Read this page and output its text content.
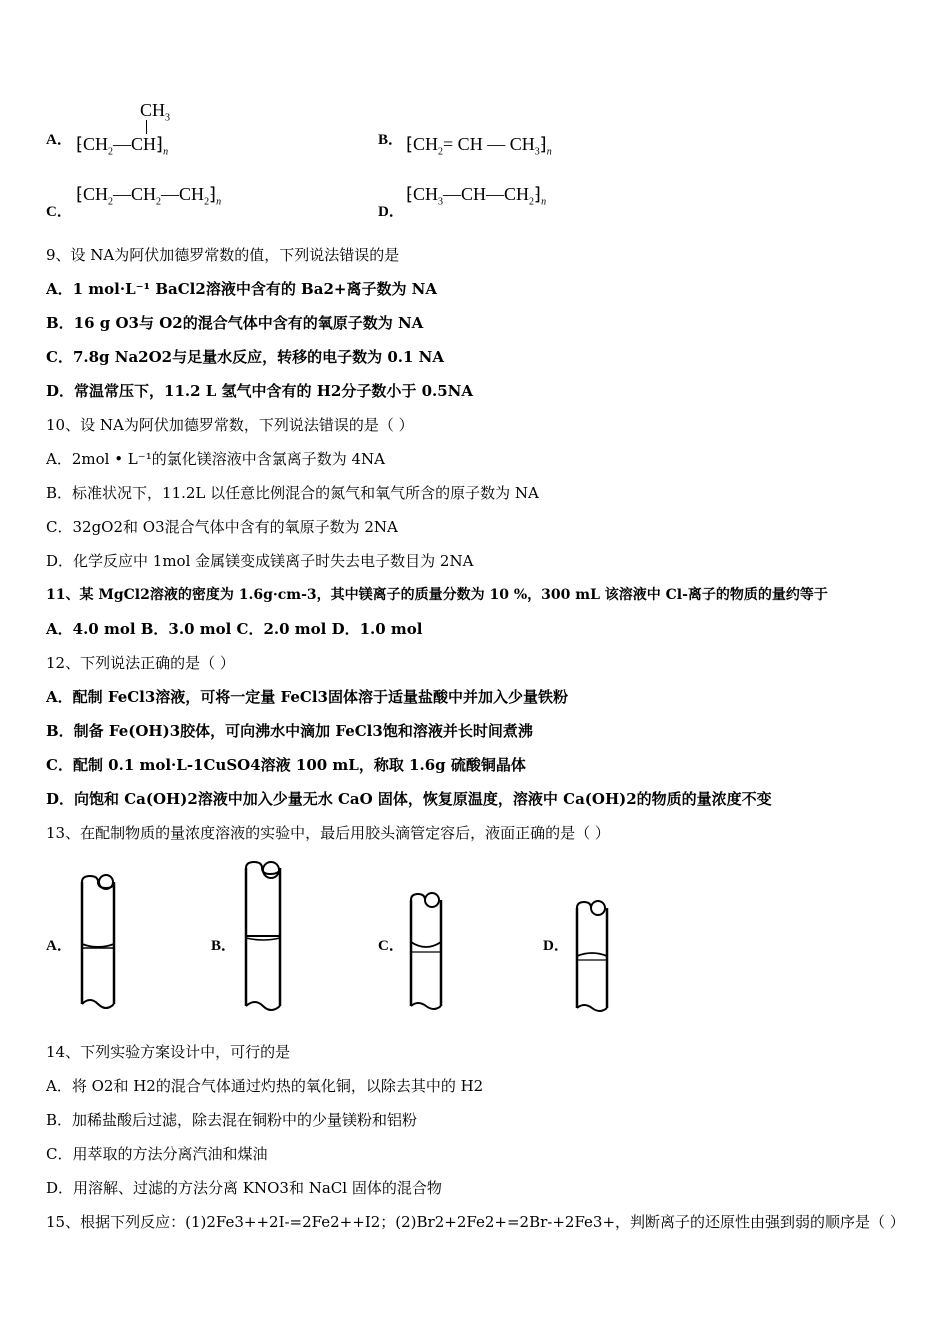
A．
$CH_3$
$⁅CH_2—CH⁆_n$
B． $⁅CH_2=$ CH — $CH_3⁆_n$
C．
$⁅CH_2—CH_2—CH_2⁆_n$
D．
$⁅CH_3—CH—CH_2⁆_n$
9、设 NA为阿伏加德罗常数的值，下列说法错误的是
A．1 mol·L⁻¹ BaCl2溶液中含有的 Ba2+离子数为 NA
B．16 g O3与 O2的混合气体中含有的氧原子数为 NA
C．7.8g Na2O2与足量水反应，转移的电子数为 0.1 NA
D．常温常压下，11.2 L 氢气中含有的 H2分子数小于 0.5NA
10、设 NA为阿伏加德罗常数，下列说法错误的是（ ）
A．2mol • L⁻¹的氯化镁溶液中含氯离子数为 4NA
B．标准状况下，11.2L 以任意比例混合的氮气和氧气所含的原子数为 NA
C．32gO2和 O3混合气体中含有的氧原子数为 2NA
D．化学反应中 1mol 金属镁变成镁离子时失去电子数目为 2NA
11、某 MgCl2溶液的密度为 1.6g·cm-3，其中镁离子的质量分数为 10 %，300 mL 该溶液中 Cl-离子的物质的量约等于
A．4.0 mol B．3.0 mol C．2.0 mol D．1.0 mol
12、下列说法正确的是（ ）
A．配制 FeCl3溶液，可将一定量 FeCl3固体溶于适量盐酸中并加入少量铁粉
B．制备 Fe(OH)3胶体，可向沸水中滴加 FeCl3饱和溶液并长时间煮沸
C．配制 0.1 mol·L-1CuSO4溶液 100 mL，称取 1.6g 硫酸铜晶体
D．向饱和 Ca(OH)2溶液中加入少量无水 CaO 固体，恢复原温度，溶液中 Ca(OH)2的物质的量浓度不变
13、在配制物质的量浓度溶液的实验中，最后用胶头滴管定容后，液面正确的是（ ）
A．	B．	C．	D．
14、下列实验方案设计中，可行的是
A．将 O2和 H2的混合气体通过灼热的氧化铜，以除去其中的 H2
B．加稀盐酸后过滤，除去混在铜粉中的少量镁粉和铝粉
C．用萃取的方法分离汽油和煤油
D．用溶解、过滤的方法分离 KNO3和 NaCl 固体的混合物
15、根据下列反应：(1)2Fe3++2I-=2Fe2++I2；(2)Br2+2Fe2+=2Br-+2Fe3+，判断离子的还原性由强到弱的顺序是（ ）
